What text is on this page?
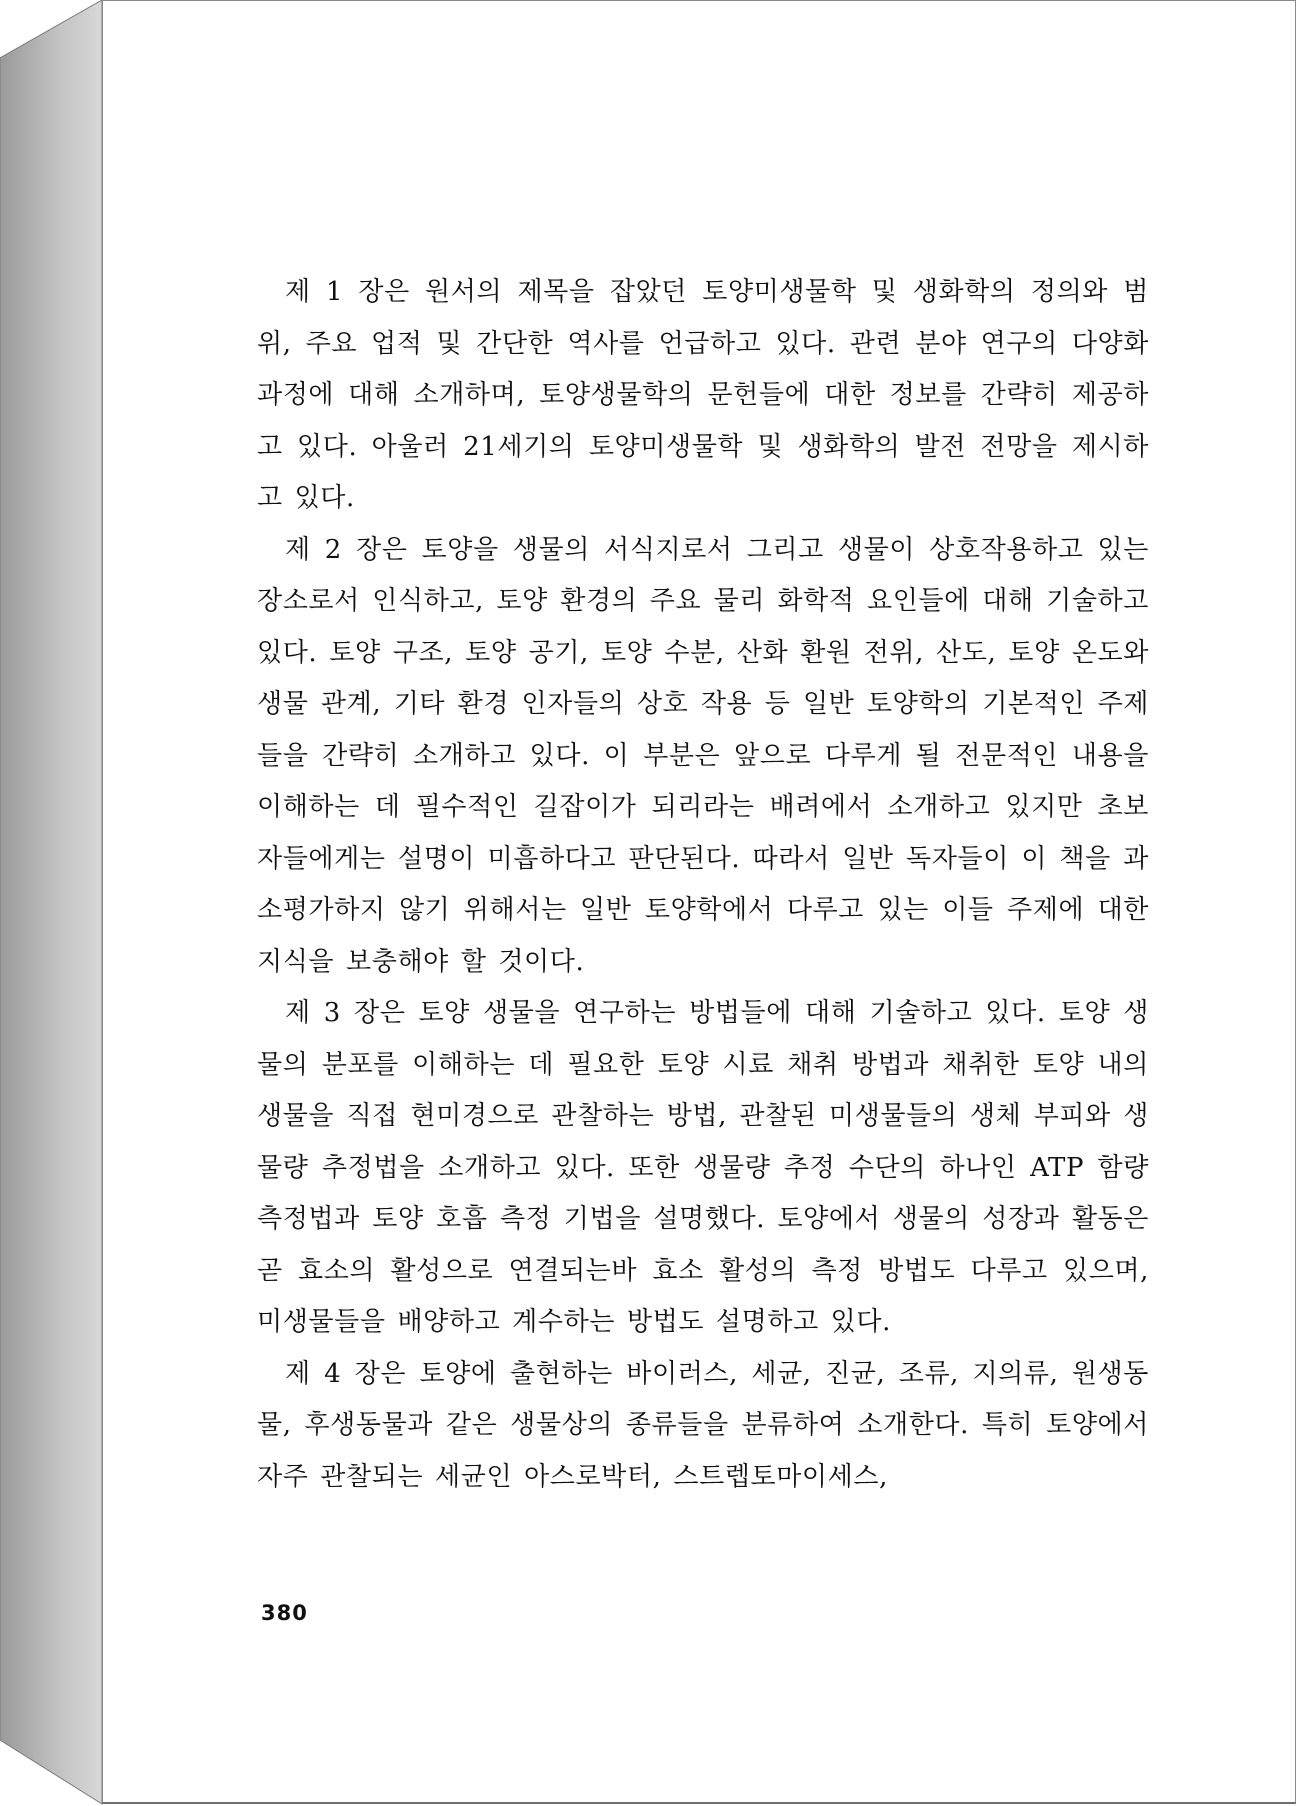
제 1 장은 원서의 제목을 잡았던 토양미생물학 및 생화학의 정의와 범위, 주요 업적 및 간단한 역사를 언급하고 있다. 관련 분야 연구의 다양화 과정에 대해 소개하며, 토양생물학의 문헌들에 대한 정보를 간략히 제공하고 있다. 아울러 21세기의 토양미생물학 및 생화학의 발전 전망을 제시하고 있다.

제 2 장은 토양을 생물의 서식지로서 그리고 생물이 상호작용하고 있는 장소로서 인식하고, 토양 환경의 주요 물리 화학적 요인들에 대해 기술하고 있다. 토양 구조, 토양 공기, 토양 수분, 산화 환원 전위, 산도, 토양 온도와 생물 관계, 기타 환경 인자들의 상호 작용 등 일반 토양학의 기본적인 주제들을 간략히 소개하고 있다. 이 부분은 앞으로 다루게 될 전문적인 내용을 이해하는 데 필수적인 길잡이가 되리라는 배려에서 소개하고 있지만 초보자들에게는 설명이 미흡하다고 판단된다. 따라서 일반 독자들이 이 책을 과소평가하지 않기 위해서는 일반 토양학에서 다루고 있는 이들 주제에 대한 지식을 보충해야 할 것이다.

제 3 장은 토양 생물을 연구하는 방법들에 대해 기술하고 있다. 토양 생물의 분포를 이해하는 데 필요한 토양 시료 채취 방법과 채취한 토양 내의 생물을 직접 현미경으로 관찰하는 방법, 관찰된 미생물들의 생체 부피와 생물량 추정법을 소개하고 있다. 또한 생물량 추정 수단의 하나인 ATP 함량 측정법과 토양 호흡 측정 기법을 설명했다. 토양에서 생물의 성장과 활동은 곧 효소의 활성으로 연결되는바 효소 활성의 측정 방법도 다루고 있으며, 미생물들을 배양하고 계수하는 방법도 설명하고 있다.

제 4 장은 토양에 출현하는 바이러스, 세균, 진균, 조류, 지의류, 원생동물, 후생동물과 같은 생물상의 종류들을 분류하여 소개한다. 특히 토양에서 자주 관찰되는 세균인 아스로박터, 스트렙토마이세스,

380
